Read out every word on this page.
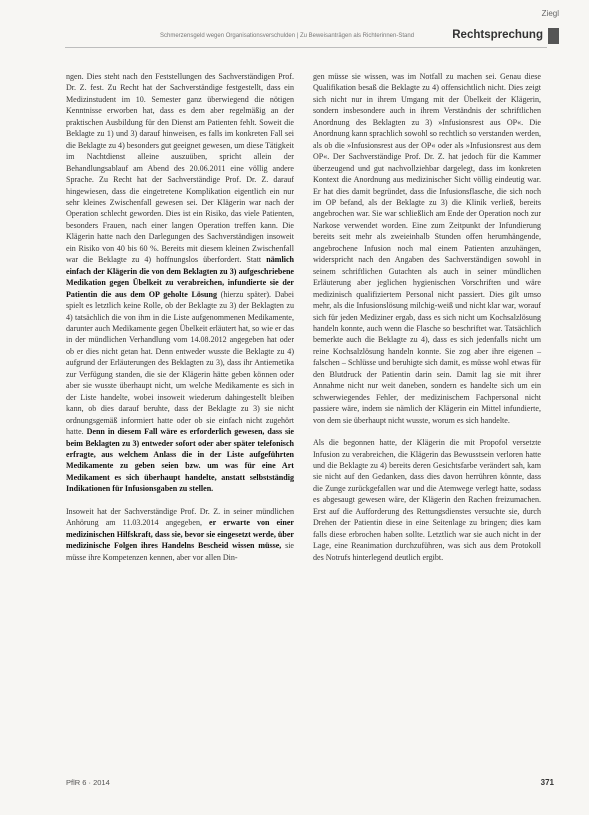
Ziegl
Schmerzensgeld wegen Organisationsverschulden | Zu Beweisanträgen als Richterinnen-Stand	Rechtsprechung

ngen. Dies steht nach den Feststellungen des Sachverständigen Prof. Dr. Z. fest. Zu Recht hat der Sachverständige festgestellt, dass ein Medizinstudent im 10. Semester ganz überwiegend die nötigen Kenntnisse erworben hat, dass es dem aber regelmäßig an der praktischen Ausbildung für den Dienst am Patienten fehlt. Soweit die Beklagte zu 1) und 3) darauf hinweisen, es falls im konkreten Fall sei die Beklagte zu 4) besonders gut geeignet gewesen, um diese Tätigkeit im Nachtdienst alleine auszuüben, spricht allein der Behandlungsablauf am Abend des 20.06.2011 eine völlig andere Sprache. Zu Recht hat der Sachverständige Prof. Dr. Z. darauf hingewiesen, dass die eingetretene Komplikation eigentlich ein nur sehr kleines Zwischenfall gewesen sei. Der Klägerin war nach der Operation schlecht geworden. Dies ist ein Risiko, das viele Patienten, besonders Frauen, nach einer langen Operation treffen kann. Die Klägerin hatte nach den Darlegungen des Sachverständigen insoweit ein Risiko von 40 bis 60 %. Bereits mit diesem kleinen Zwischenfall war die Beklagte zu 4) hoffnungslos überfordert. Statt nämlich einfach der Klägerin die von dem Beklagten zu 3) aufgeschriebene Medikation gegen Übelkeit zu verabreichen, infundierte sie der Patientin die aus dem OP geholte Lösung (hierzu später). Dabei spielt es letztlich keine Rolle, ob der Beklagte zu 3) der Beklagten zu 4) tatsächlich die von ihm in die Liste aufgenommenen Medikamente, darunter auch Medikamente gegen Übelkeit erläutert hat, so wie er das in der mündlichen Verhandlung vom 14.08.2012 angegeben hat oder ob er dies nicht getan hat. Denn entweder wusste die Beklagte zu 4) aufgrund der Erläuterungen des Beklagten zu 3), dass ihr Antiemetika zur Verfügung standen, die sie der Klägerin hätte geben können oder aber sie wusste überhaupt nicht, um welche Medikamente es sich in der Liste handelte, wobei insoweit wiederum dahingestellt bleiben kann, ob dies darauf beruhte, dass der Beklagte zu 3) sie nicht ordnungsgemäß informiert hatte oder ob sie einfach nicht zugehört hatte. Denn in diesem Fall wäre es erforderlich gewesen, dass sie beim Beklagten zu 3) entweder sofort oder aber später telefonisch erfragte, aus welchem Anlass die in der Liste aufgeführten Medikamente zu geben seien bzw. um was für eine Art Medikament es sich überhaupt handelte, anstatt selbstständig Indikationen für Infusionsgaben zu stellen.

Insoweit hat der Sachverständige Prof. Dr. Z. in seiner mündlichen Anhörung am 11.03.2014 angegeben, er erwarte von einer medizinischen Hilfskraft, dass sie, bevor sie eingesetzt werde, über medizinische Folgen ihres Handelns Bescheid wissen müsse, sie müsse ihre Kompetenzen kennen, aber vor allen Din-

gen müsse sie wissen, was im Notfall zu machen sei. Genau diese Qualifikation besaß die Beklagte zu 4) offensichtlich nicht. Dies zeigt sich nicht nur in ihrem Umgang mit der Übelkeit der Klägerin, sondern insbesondere auch in ihrem Verständnis der schriftlichen Anordnung des Beklagten zu 3) »Infusionsrest aus OP«. Die Anordnung kann sprachlich sowohl so rechtlich so verstanden werden, als ob die »Infusionsrest aus der OP« oder als »Infusionsrest aus dem OP«. Der Sachverständige Prof. Dr. Z. hat jedoch für die Kammer überzeugend und gut nachvollziehbar dargelegt, dass im konkreten Kontext die Anordnung aus medizinischer Sicht völlig eindeutig war. Er hat dies damit begründet, dass die Infusionsflasche, die sich noch im OP befand, als der Beklagte zu 3) die Klinik verließ, bereits angebrochen war. Sie war schließlich am Ende der Operation noch zur Narkose verwendet worden. Eine zum Zeitpunkt der Infundierung bereits seit mehr als zweieinhalb Stunden offen herumhängende, angebrochene Infusion noch mal einem Patienten anzuhängen, widerspricht nach den Angaben des Sachverständigen sowohl in seinem schriftlichen Gutachten als auch in seiner mündlichen Erläuterung aber jeglichen hygienischen Vorschriften und wäre medizinisch qualifiziertem Personal nicht passiert. Dies gilt umso mehr, als die Infusionslösung milchig-weiß und nicht klar war, worauf sich für jeden Mediziner ergab, dass es sich nicht um Kochsalzlösung handeln konnte, auch wenn die Flasche so beschriftet war. Tatsächlich bemerkte auch die Beklagte zu 4), dass es sich jedenfalls nicht um reine Kochsalzlösung handeln konnte. Sie zog aber ihre eigenen – falschen – Schlüsse und beruhigte sich damit, es müsse wohl etwas für den Blutdruck der Patientin darin sein. Damit lag sie mit ihrer Annahme nicht nur weit daneben, sondern es handelte sich um ein schwerwiegendes Fehler, der medizinischem Fachpersonal nicht passiere wäre, indem sie nämlich der Klägerin ein Mittel infundierte, von dem sie überhaupt nicht wusste, worum es sich handelte.

Als die begonnen hatte, der Klägerin die mit Propofol versetzte Infusion zu verabreichen, die Klägerin das Bewusstsein verloren hatte und die Beklagte zu 4) bereits deren Gesichtsfarbe verändert sah, kam sie nicht auf den Gedanken, dass dies davon herrühren könnte, dass die Zunge zurückgefallen war und die Atemwege verlegt hatte, sodass es abgesaugt gewesen wäre, der Klägerin den Rachen freizumachen. Erst auf die Aufforderung des Rettungsdienstes versuchte sie, durch Drehen der Patientin diese in eine Seitenlage zu bringen; dies kam falls diese erbrochen haben sollte. Letztlich war sie auch nicht in der Lage, eine Reanimation durchzuführen, was sich aus dem Protokoll des Notrufs hinterlegend deutlich ergibt.

PflR 6 · 2014	371
